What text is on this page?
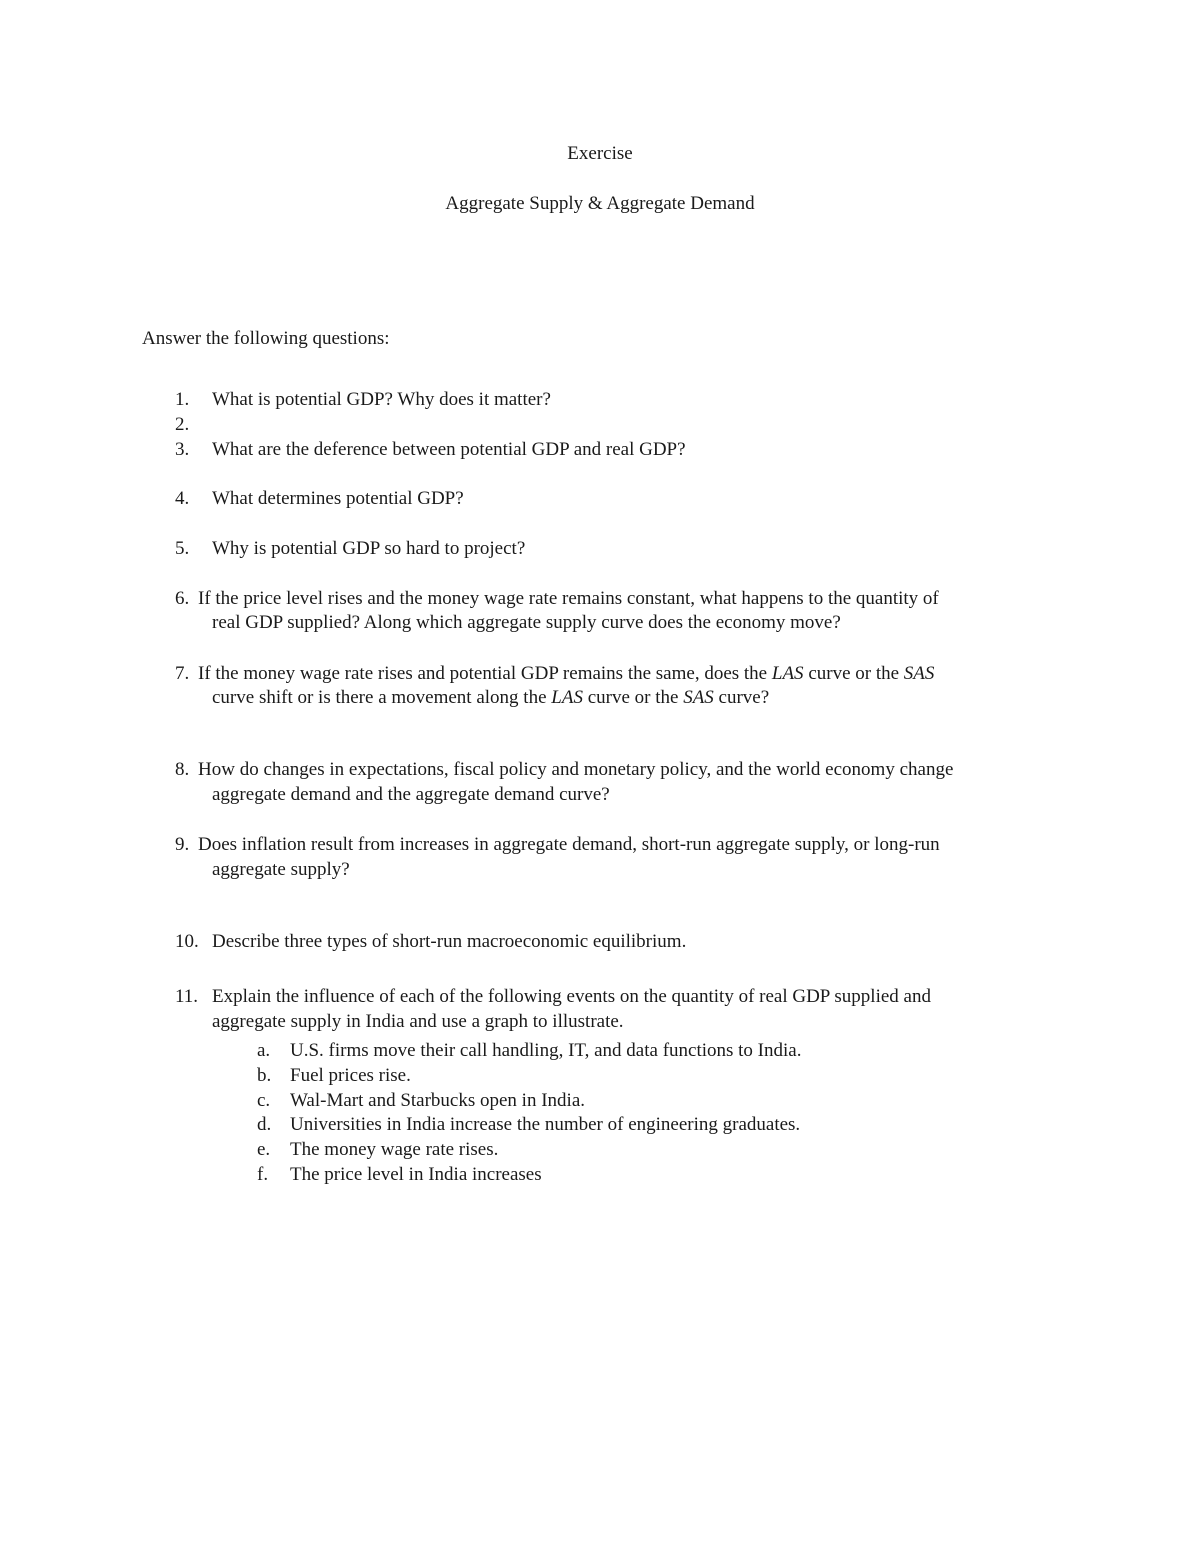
Exercise
Aggregate Supply & Aggregate Demand
Answer the following questions:
1. What is potential GDP? Why does it matter?
2.
3. What are the deference between potential GDP and real GDP?
4. What determines potential GDP?
5. Why is potential GDP so hard to project?
6. If the price level rises and the money wage rate remains constant, what happens to the quantity of
real GDP supplied? Along which aggregate supply curve does the economy move?
7. If the money wage rate rises and potential GDP remains the same, does the LAS curve or the SAS
curve shift or is there a movement along the LAS curve or the SAS curve?
8. How do changes in expectations, fiscal policy and monetary policy, and the world economy change
aggregate demand and the aggregate demand curve?
9. Does inflation result from increases in aggregate demand, short-run aggregate supply, or long-run
aggregate supply?
10. Describe three types of short-run macroeconomic equilibrium.
11. Explain the influence of each of the following events on the quantity of real GDP supplied and
aggregate supply in India and use a graph to illustrate.
a. U.S. firms move their call handling, IT, and data functions to India.
b. Fuel prices rise.
c. Wal-Mart and Starbucks open in India.
d. Universities in India increase the number of engineering graduates.
e. The money wage rate rises.
f. The price level in India increases
